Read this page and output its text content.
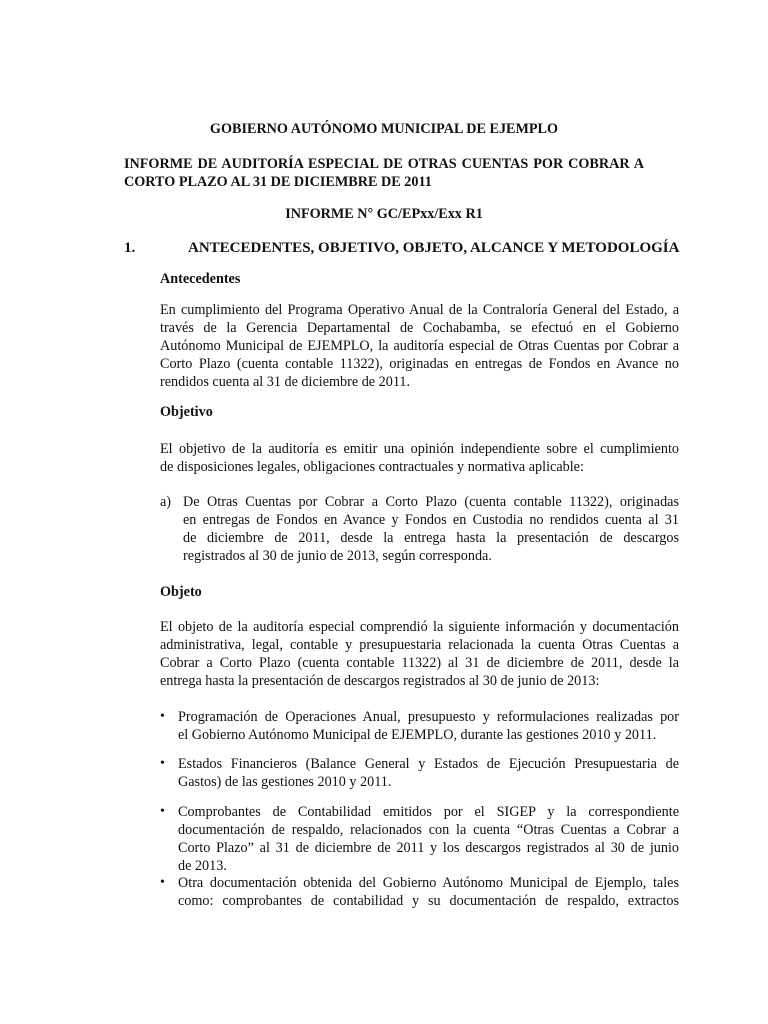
GOBIERNO AUTÓNOMO MUNICIPAL DE EJEMPLO

INFORME DE AUDITORÍA ESPECIAL DE OTRAS CUENTAS POR COBRAR A

CORTO PLAZO AL 31 DE DICIEMBRE DE 2011

INFORME N° GC/EPxx/Exx R1

1.	ANTECEDENTES, OBJETIVO, OBJETO, ALCANCE Y METODOLOGÍA

Antecedentes

En cumplimiento del Programa Operativo Anual de la Contraloría General del Estado, a

través de la Gerencia Departamental de Cochabamba, se efectuó en el Gobierno

Autónomo Municipal de EJEMPLO, la auditoría especial de Otras Cuentas por Cobrar a

Corto Plazo (cuenta contable 11322), originadas en entregas de Fondos en Avance no

rendidos cuenta al 31 de diciembre de 2011.

Objetivo

El objetivo de la auditoría es emitir una opinión independiente sobre el cumplimiento

de disposiciones legales, obligaciones contractuales y normativa aplicable:

a) De Otras Cuentas por Cobrar a Corto Plazo (cuenta contable 11322), originadas

en entregas de Fondos en Avance y Fondos en Custodia no rendidos cuenta al 31

de diciembre de 2011, desde la entrega hasta la presentación de descargos

registrados al 30 de junio de 2013, según corresponda.

Objeto

El objeto de la auditoría especial comprendió la siguiente información y documentación

administrativa, legal, contable y presupuestaria relacionada la cuenta Otras Cuentas a

Cobrar a Corto Plazo (cuenta contable 11322) al 31 de diciembre de 2011, desde la

entrega hasta la presentación de descargos registrados al 30 de junio de 2013:

• Programación de Operaciones Anual, presupuesto y reformulaciones realizadas por

el Gobierno Autónomo Municipal de EJEMPLO, durante las gestiones 2010 y 2011.

• Estados Financieros (Balance General y Estados de Ejecución Presupuestaria de

Gastos) de las gestiones 2010 y 2011.

• Comprobantes de Contabilidad emitidos por el SIGEP y la correspondiente

documentación de respaldo, relacionados con la cuenta “Otras Cuentas a Cobrar a

Corto Plazo” al 31 de diciembre de 2011 y los descargos registrados al 30 de junio

de 2013.

• Otra documentación obtenida del Gobierno Autónomo Municipal de Ejemplo, tales

como: comprobantes de contabilidad y su documentación de respaldo, extractos
